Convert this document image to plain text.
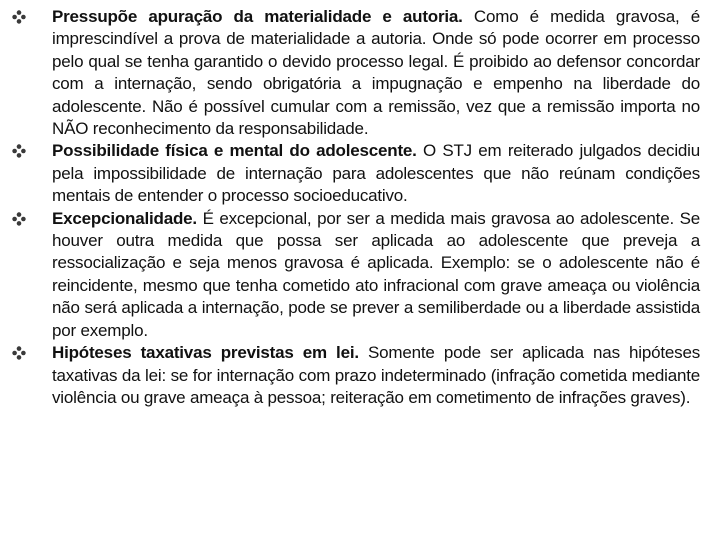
Pressupõe apuração da materialidade e autoria. Como é medida gravosa, é imprescindível a prova de materialidade a autoria. Onde só pode ocorrer em processo pelo qual se tenha garantido o devido processo legal. É proibido ao defensor concordar com a internação, sendo obrigatória a impugnação e empenho na liberdade do adolescente. Não é possível cumular com a remissão, vez que a remissão importa no NÃO reconhecimento da responsabilidade.

Possibilidade física e mental do adolescente. O STJ em reiterado julgados decidiu pela impossibilidade de internação para adolescentes que não reúnam condições mentais de entender o processo socioeducativo.

Excepcionalidade. É excepcional, por ser a medida mais gravosa ao adolescente. Se houver outra medida que possa ser aplicada ao adolescente que preveja a ressocialização e seja menos gravosa é aplicada. Exemplo: se o adolescente não é reincidente, mesmo que tenha cometido ato infracional com grave ameaça ou violência não será aplicada a internação, pode se prever a semiliberdade ou a liberdade assistida por exemplo.

Hipóteses taxativas previstas em lei. Somente pode ser aplicada nas hipóteses taxativas da lei: se for internação com prazo indeterminado (infração cometida mediante violência ou grave ameaça à pessoa; reiteração em cometimento de infrações graves).
